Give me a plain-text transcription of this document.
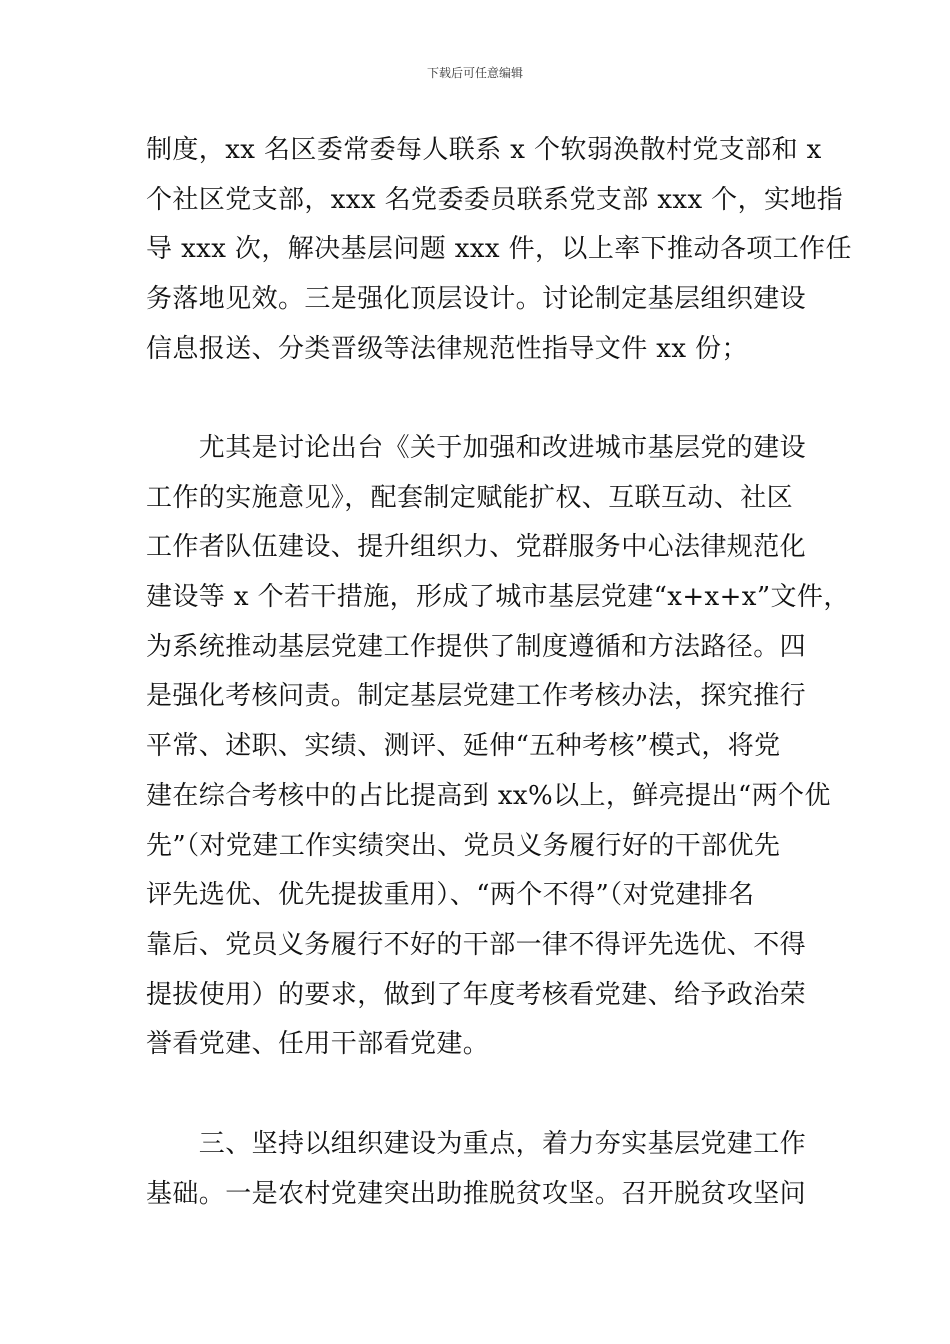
下载后可任意编辑
制度，xx 名区委常委每人联系 x 个软弱涣散村党支部和 x
个社区党支部，xxx 名党委委员联系党支部 xxx 个，实地指
导 xxx 次，解决基层问题 xxx 件，以上率下推动各项工作任
务落地见效。三是强化顶层设计。讨论制定基层组织建设
信息报送、分类晋级等法律规范性指导文件 xx 份；
　　尤其是讨论出台《关于加强和改进城市基层党的建设
工作的实施意见》，配套制定赋能扩权、互联互动、社区
工作者队伍建设、提升组织力、党群服务中心法律规范化
建设等 x 个若干措施，形成了城市基层党建“x+x+x”文件，
为系统推动基层党建工作提供了制度遵循和方法路径。四
是强化考核问责。制定基层党建工作考核办法，探究推行
平常、述职、实绩、测评、延伸“五种考核”模式，将党
建在综合考核中的占比提高到 xx%以上，鲜亮提出“两个优
先”（对党建工作实绩突出、党员义务履行好的干部优先
评先选优、优先提拔重用）、“两个不得”（对党建排名
靠后、党员义务履行不好的干部一律不得评先选优、不得
提拔使用）的要求，做到了年度考核看党建、给予政治荣
誉看党建、任用干部看党建。
　　三、坚持以组织建设为重点，着力夯实基层党建工作
基础。一是农村党建突出助推脱贫攻坚。召开脱贫攻坚问
